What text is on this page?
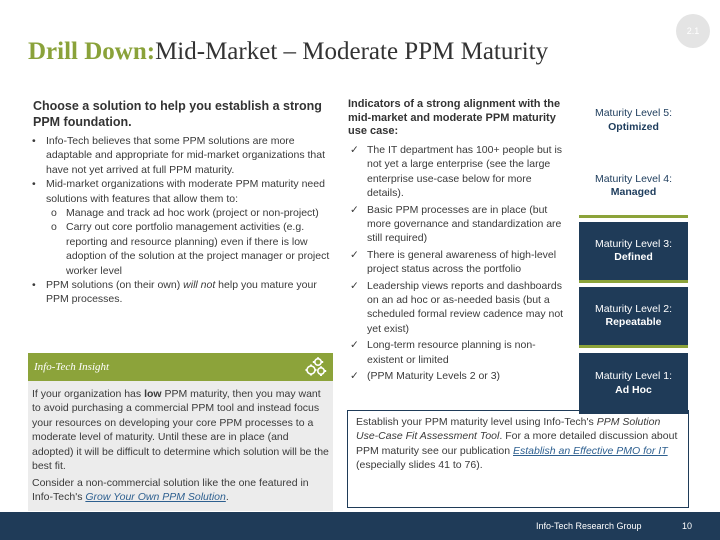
2.1
Drill Down:Mid-Market – Moderate PPM Maturity
Choose a solution to help you establish a strong PPM foundation.
• Info-Tech believes that some PPM solutions are more adaptable and appropriate for mid-market organizations that have not yet arrived at full PPM maturity.
• Mid-market organizations with moderate PPM maturity need solutions with features that allow them to:
o Manage and track ad hoc work (project or non-project)
o Carry out core portfolio management activities (e.g. reporting and resource planning) even if there is low adoption of the solution at the project manager or project worker level
• PPM solutions (on their own) will not help you mature your PPM processes.
Info-Tech Insight
If your organization has low PPM maturity, then you may want to avoid purchasing a commercial PPM tool and instead focus your resources on developing your core PPM processes to a moderate level of maturity. Until these are in place (and adopted) it will be difficult to determine which solution will be the best fit.
Consider a non-commercial solution like the one featured in Info-Tech's Grow Your Own PPM Solution.
Indicators of a strong alignment with the mid-market and moderate PPM maturity use case:
✓ The IT department has 100+ people but is not yet a large enterprise (see the large enterprise use-case below for more details).
✓ Basic PPM processes are in place (but more governance and standardization are still required)
✓ There is general awareness of high-level project status across the portfolio
✓ Leadership views reports and dashboards on an ad hoc or as-needed basis (but a scheduled formal review cadence may not yet exist)
✓ Long-term resource planning is non-existent or limited
✓ (PPM Maturity Levels 2 or 3)
Maturity Level 5:
Optimized
Maturity Level 4:
Managed
Maturity Level 3:
Defined
Maturity Level 2:
Repeatable
Maturity Level 1:
Ad Hoc
Establish your PPM maturity level using Info-Tech's PPM Solution Use-Case Fit Assessment Tool. For a more detailed discussion about PPM maturity see our publication Establish an Effective PMO for IT (especially slides 41 to 76).
Info-Tech Research Group	10
